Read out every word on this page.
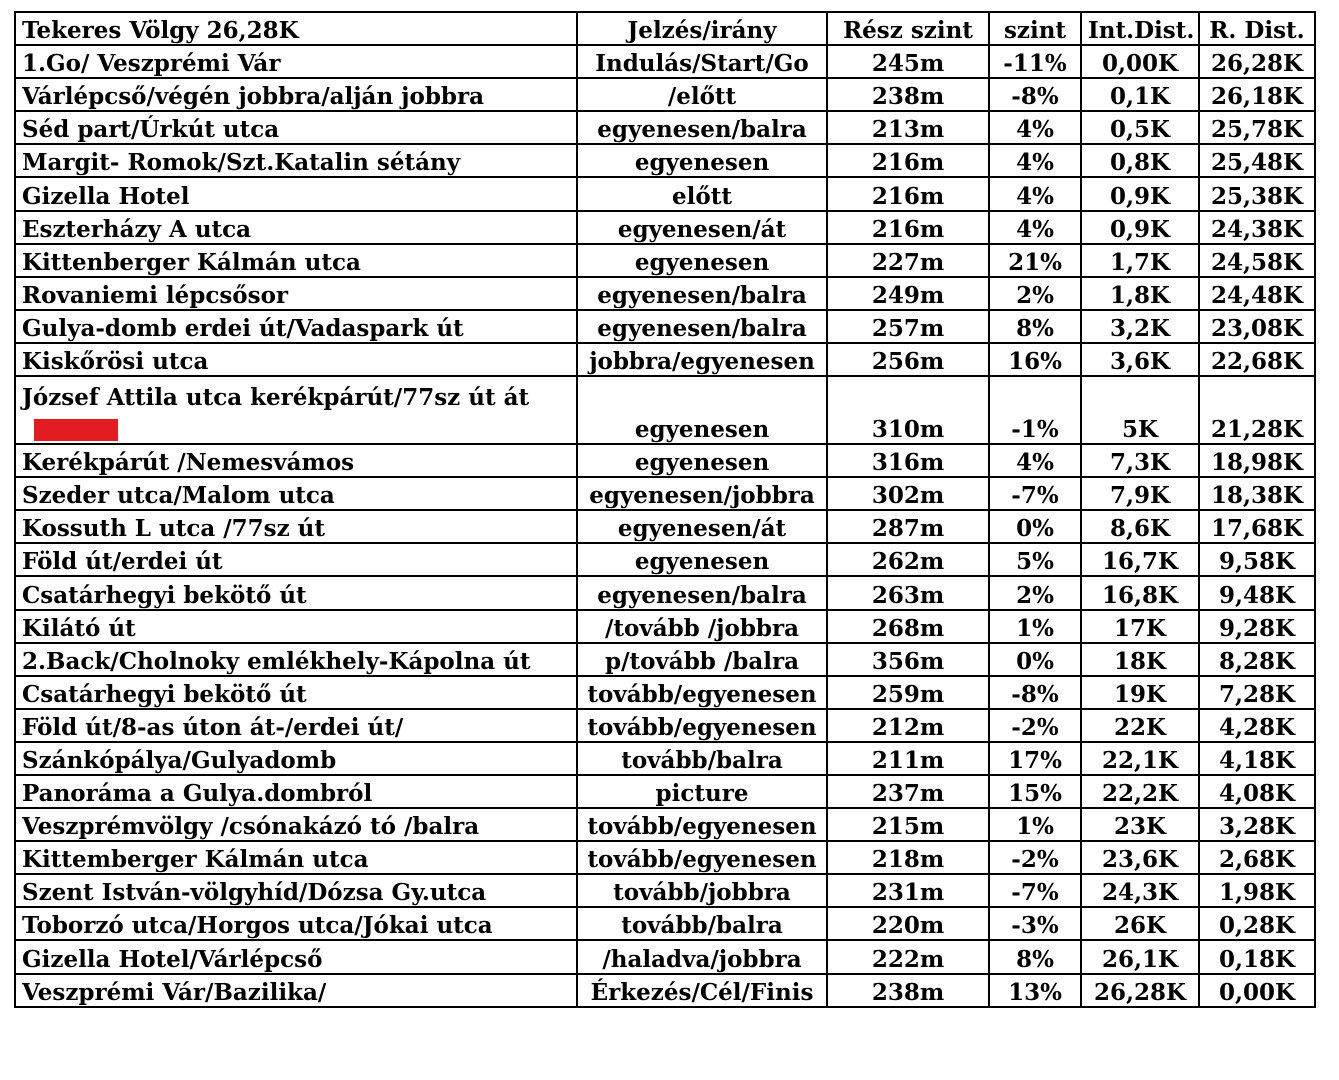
Tekeres Völgy 26,28K	Jelzés/irány	Rész szint	szint	Int.Dist.	R. Dist.
1.Go/ Veszprémi Vár	Indulás/Start/Go	245m	-11%	0,00K	26,28K
Várlépcső/végén jobbra/alján jobbra	/előtt	238m	-8%	0,1K	26,18K
Séd part/Úrkút utca	egyenesen/balra	213m	4%	0,5K	25,78K
Margit- Romok/Szt.Katalin sétány	egyenesen	216m	4%	0,8K	25,48K
Gizella Hotel	előtt	216m	4%	0,9K	25,38K
Eszterházy A utca	egyenesen/át	216m	4%	0,9K	24,38K
Kittenberger Kálmán utca	egyenesen	227m	21%	1,7K	24,58K
Rovaniemi lépcsősor	egyenesen/balra	249m	2%	1,8K	24,48K
Gulya-domb erdei út/Vadaspark út	egyenesen/balra	257m	8%	3,2K	23,08K
Kiskőrösi utca	jobbra/egyenesen	256m	16%	3,6K	22,68K

József Attila utca kerékpárút/77sz út át	egyenesen	310m	-1%	5K	21,28K
Kerékpárút /Nemesvámos	egyenesen	316m	4%	7,3K	18,98K
Szeder utca/Malom utca	egyenesen/jobbra	302m	-7%	7,9K	18,38K
Kossuth L utca /77sz út	egyenesen/át	287m	0%	8,6K	17,68K
Föld út/erdei út	egyenesen	262m	5%	16,7K	9,58K
Csatárhegyi bekötő út	egyenesen/balra	263m	2%	16,8K	9,48K
Kilátó út	/tovább /jobbra	268m	1%	17K	9,28K
2.Back/Cholnoky emlékhely-Kápolna út	p/tovább /balra	356m	0%	18K	8,28K
Csatárhegyi bekötő út	tovább/egyenesen	259m	-8%	19K	7,28K
Föld út/8-as úton át-/erdei út/	tovább/egyenesen	212m	-2%	22K	4,28K
Szánkópálya/Gulyadomb	tovább/balra	211m	17%	22,1K	4,18K
Panoráma a Gulya.dombról	picture	237m	15%	22,2K	4,08K
Veszprémvölgy /csónakázó tó /balra	tovább/egyenesen	215m	1%	23K	3,28K
Kittemberger Kálmán utca	tovább/egyenesen	218m	-2%	23,6K	2,68K
Szent István-völgyhíd/Dózsa Gy.utca	tovább/jobbra	231m	-7%	24,3K	1,98K
Toborzó utca/Horgos utca/Jókai utca	tovább/balra	220m	-3%	26K	0,28K
Gizella Hotel/Várlépcső	/haladva/jobbra	222m	8%	26,1K	0,18K
Veszprémi Vár/Bazilika/	Érkezés/Cél/Finis	238m	13%	26,28K	0,00K
